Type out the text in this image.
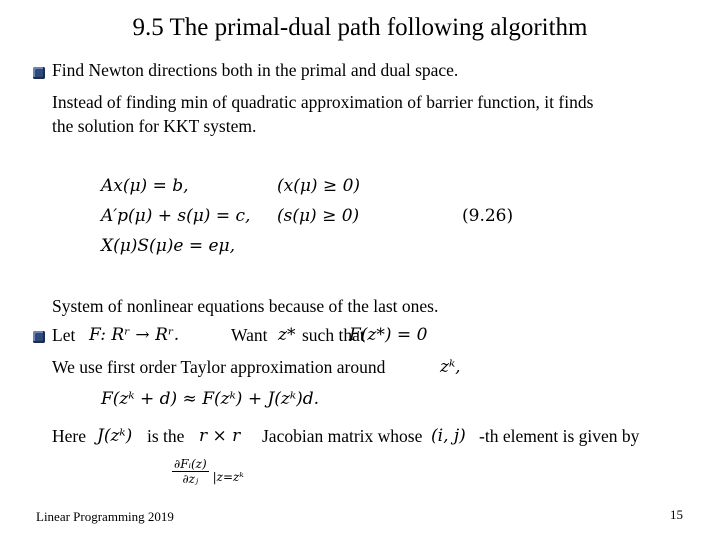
9.5 The primal-dual path following algorithm
Find Newton directions both in the primal and dual space.
Instead of finding min of quadratic approximation of barrier function, it finds
the solution for KKT system.
Ax(μ) = b,	(x(μ) ≥ 0)
A′p(μ) + s(μ) = c, (s(μ) ≥ 0)	(9.26)
X(μ)S(μ)e = eμ,
System of nonlinear equations because of the last ones.
Let F: Rʳ → Rʳ.	Want z* such that
F(z*) = 0
We use first order Taylor approximation around	zᵏ,
F(zᵏ + d) ≈ F(zᵏ) + J(zᵏ)d.
Here J(zᵏ) is the r × r Jacobian matrix whose (i, j) -th element is given by
$\frac{\text{∂Fᵢ(z)}}{\text{∂zⱼ}} _{|z=zᵏ}$
Linear Programming 2019	15
